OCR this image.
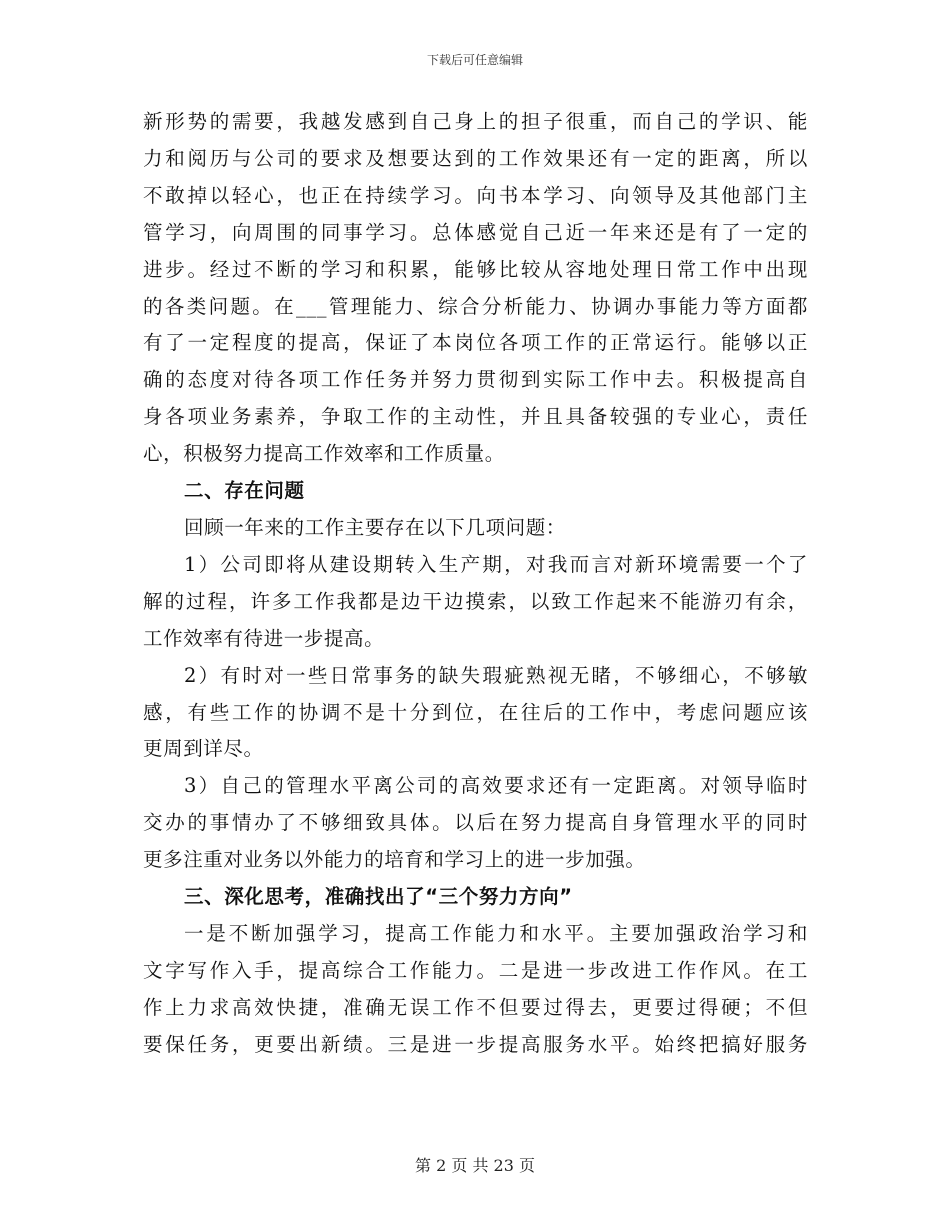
下载后可任意编辑
新形势的需要，我越发感到自己身上的担子很重，而自己的学识、能
力和阅历与公司的要求及想要达到的工作效果还有一定的距离，所以
不敢掉以轻心，也正在持续学习。向书本学习、向领导及其他部门主
管学习，向周围的同事学习。总体感觉自己近一年来还是有了一定的
进步。经过不断的学习和积累，能够比较从容地处理日常工作中出现
的各类问题。在___管理能力、综合分析能力、协调办事能力等方面都
有了一定程度的提高，保证了本岗位各项工作的正常运行。能够以正
确的态度对待各项工作任务并努力贯彻到实际工作中去。积极提高自
身各项业务素养，争取工作的主动性，并且具备较强的专业心，责任
心，积极努力提高工作效率和工作质量。
二、存在问题
回顾一年来的工作主要存在以下几项问题：
1）公司即将从建设期转入生产期，对我而言对新环境需要一个了
解的过程，许多工作我都是边干边摸索，以致工作起来不能游刃有余，
工作效率有待进一步提高。
2）有时对一些日常事务的缺失瑕疵熟视无睹，不够细心，不够敏
感，有些工作的协调不是十分到位，在往后的工作中，考虑问题应该
更周到详尽。
3）自己的管理水平离公司的高效要求还有一定距离。对领导临时
交办的事情办了不够细致具体。以后在努力提高自身管理水平的同时
更多注重对业务以外能力的培育和学习上的进一步加强。
三、深化思考，准确找出了“三个努力方向”
一是不断加强学习，提高工作能力和水平。主要加强政治学习和
文字写作入手，提高综合工作能力。二是进一步改进工作作风。在工
作上力求高效快捷，准确无误工作不但要过得去，更要过得硬；不但
要保任务，更要出新绩。三是进一步提高服务水平。始终把搞好服务
第 2 页 共 23 页
